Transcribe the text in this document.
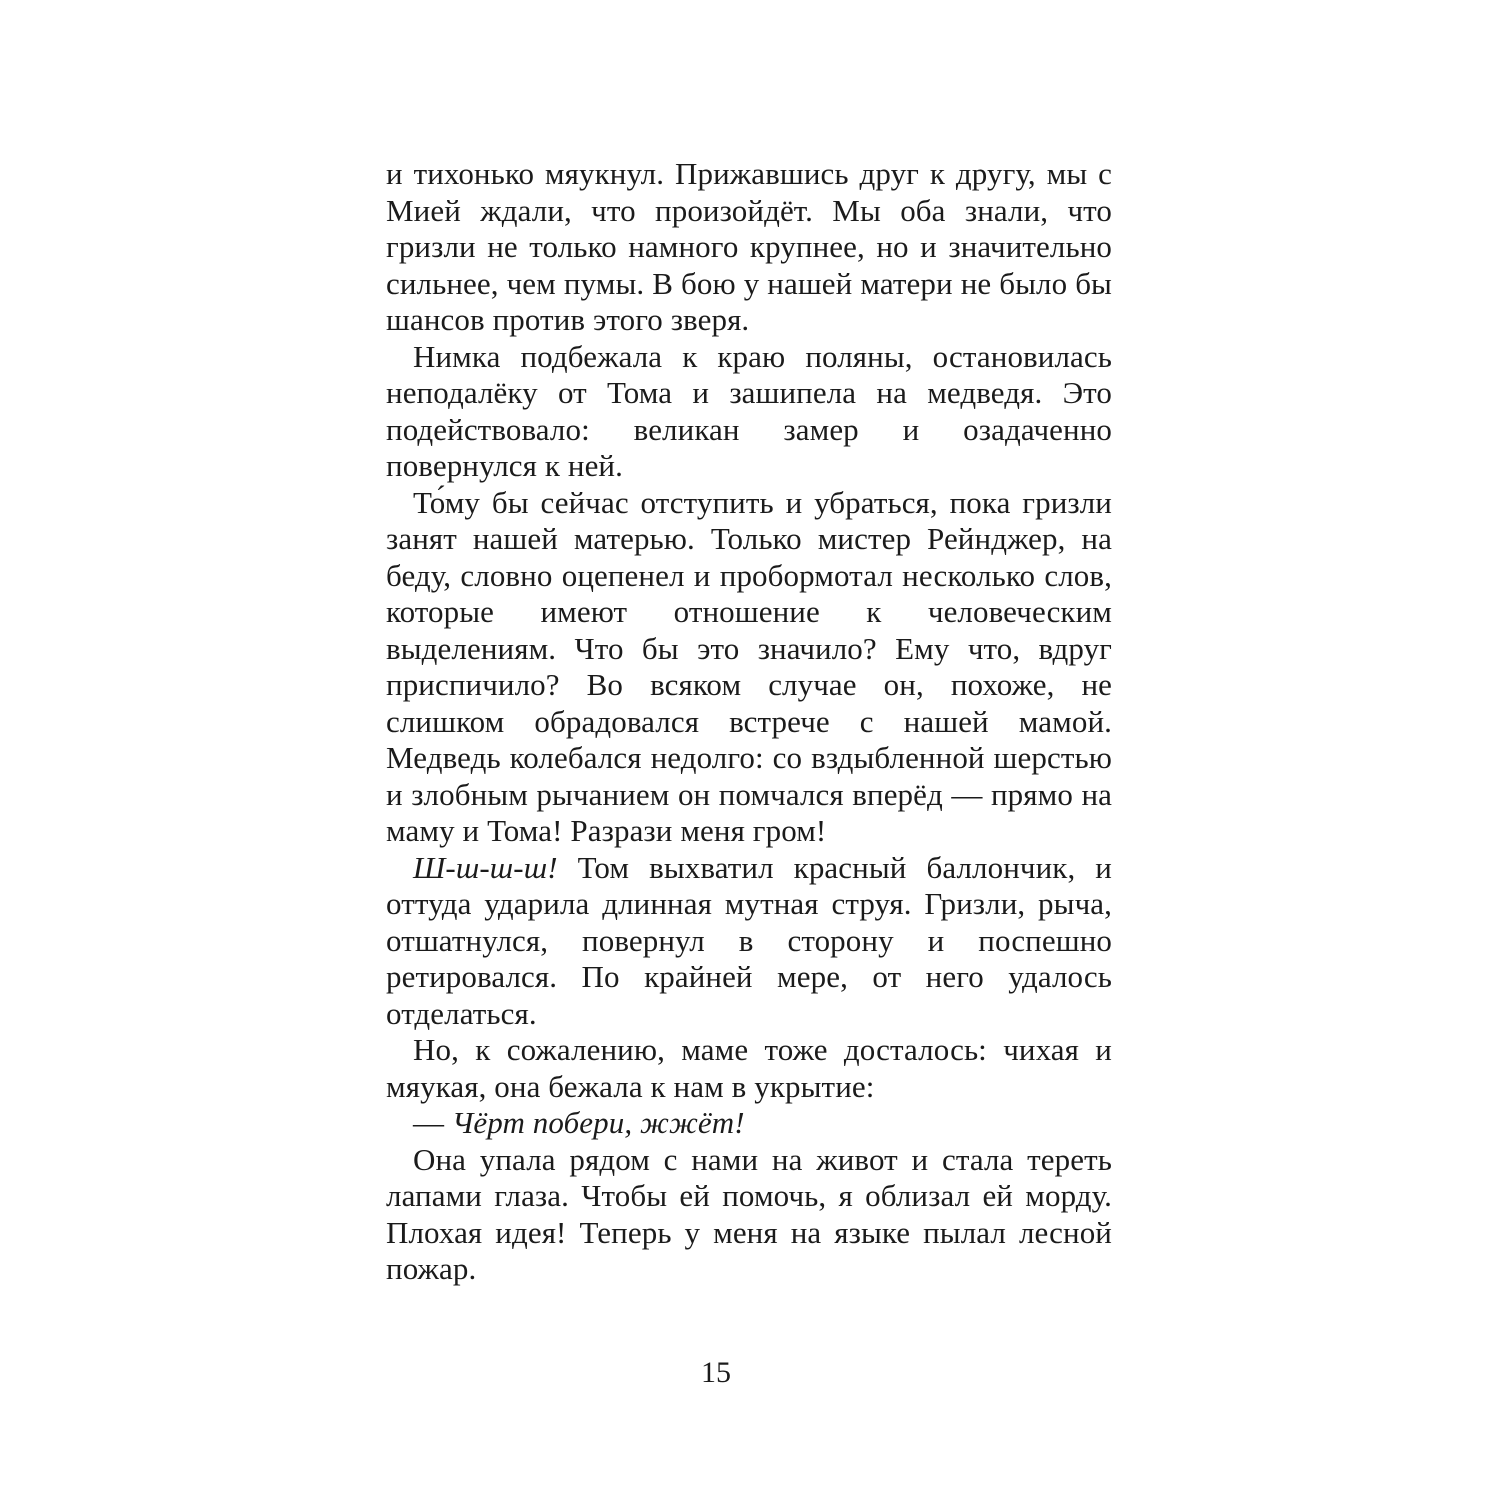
и тихонько мяукнул. Прижавшись друг к другу, мы с Мией ждали, что произойдёт. Мы оба знали, что гризли не только намного крупнее, но и значительно сильнее, чем пумы. В бою у нашей матери не было бы шансов против этого зверя.

Нимка подбежала к краю поляны, остановилась неподалёку от Тома и зашипела на медведя. Это подействовало: великан замер и озадаченно повернулся к ней.

То́му бы сейчас отступить и убраться, пока гризли занят нашей матерью. Только мистер Рейнджер, на беду, словно оцепенел и пробормотал несколько слов, которые имеют отношение к человеческим выделениям. Что бы это значило? Ему что, вдруг приспичило? Во всяком случае он, похоже, не слишком обрадовался встрече с нашей мамой. Медведь колебался недолго: со вздыбленной шерстью и злобным рычанием он помчался вперёд — прямо на маму и Тома! Разрази меня гром!

Ш-ш-ш-ш! Том выхватил красный баллончик, и оттуда ударила длинная мутная струя. Гризли, рыча, отшатнулся, повернул в сторону и поспешно ретировался. По крайней мере, от него удалось отделаться.

Но, к сожалению, маме тоже досталось: чихая и мяукая, она бежала к нам в укрытие:

— Чёрт побери, жжёт!

Она упала рядом с нами на живот и стала тереть лапами глаза. Чтобы ей помочь, я облизал ей морду. Плохая идея! Теперь у меня на языке пылал лесной пожар.

15
